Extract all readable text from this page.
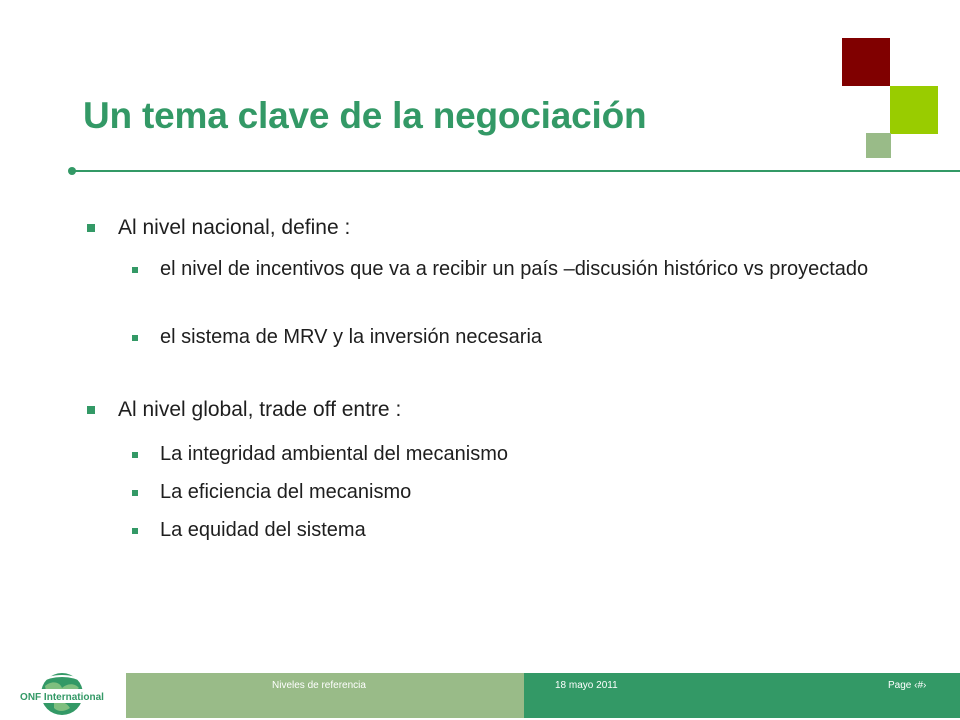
Un tema clave de la negociación
Al nivel nacional, define :
el nivel de incentivos que va a recibir un país –discusión histórico vs proyectado
el sistema de MRV y la inversión necesaria
Al nivel global, trade off entre :
La integridad ambiental del mecanismo
La eficiencia del mecanismo
La equidad del sistema
ONF International
Niveles de referencia	18 mayo 2011	Page ‹#›
